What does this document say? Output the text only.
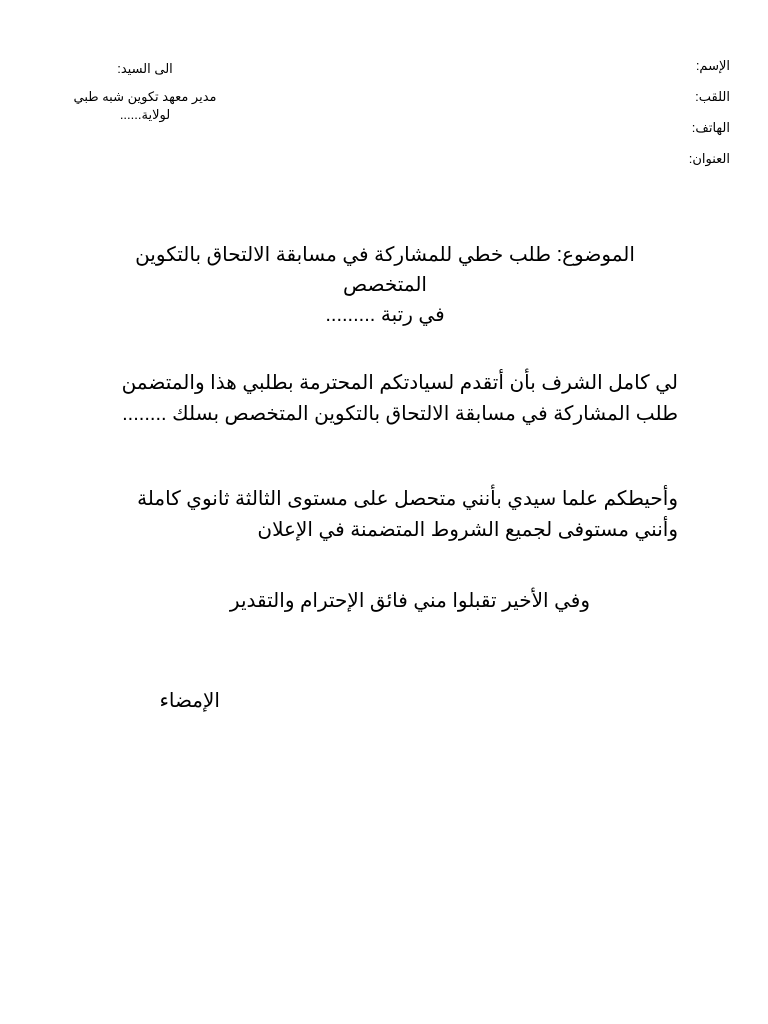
الإسم:
اللقب:
الهاتف:
العنوان:
الى السيد:
مدير معهد تكوين شبه طبي
لولاية......
الموضوع: طلب خطي للمشاركة في مسابقة الالتحاق بالتكوين
المتخصص
في رتبة .........
لي كامل الشرف بأن أتقدم لسيادتكم المحترمة بطلبي هذا والمتضمن طلب المشاركة في مسابقة الالتحاق بالتكوين المتخصص بسلك ........
وأحيطكم علما سيدي بأنني متحصل على مستوى الثالثة ثانوي كاملة وأنني مستوفى لجميع الشروط المتضمنة في الإعلان
وفي الأخير تقبلوا مني فائق الإحترام والتقدير
الإمضاء
